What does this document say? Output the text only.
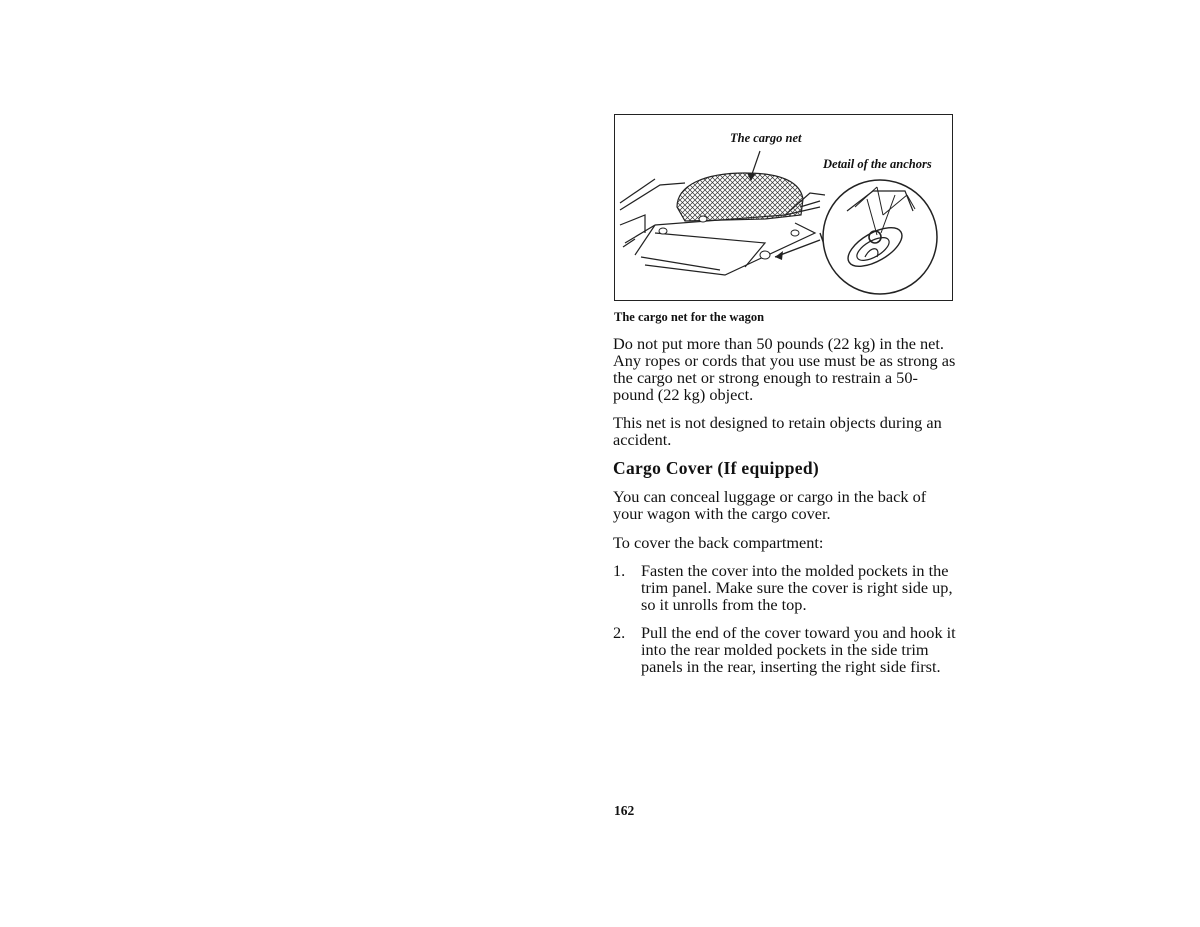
The cargo net
Detail of the anchors
The cargo net for the wagon

Do not put more than 50 pounds (22 kg) in the net. Any ropes or cords that you use must be as strong as the cargo net or strong enough to restrain a 50-pound (22 kg) object.

This net is not designed to retain objects during an accident.

Cargo Cover (If equipped)

You can conceal luggage or cargo in the back of your wagon with the cargo cover.

To cover the back compartment:

1. Fasten the cover into the molded pockets in the trim panel. Make sure the cover is right side up, so it unrolls from the top.
2. Pull the end of the cover toward you and hook it into the rear molded pockets in the side trim panels in the rear, inserting the right side first.
162
